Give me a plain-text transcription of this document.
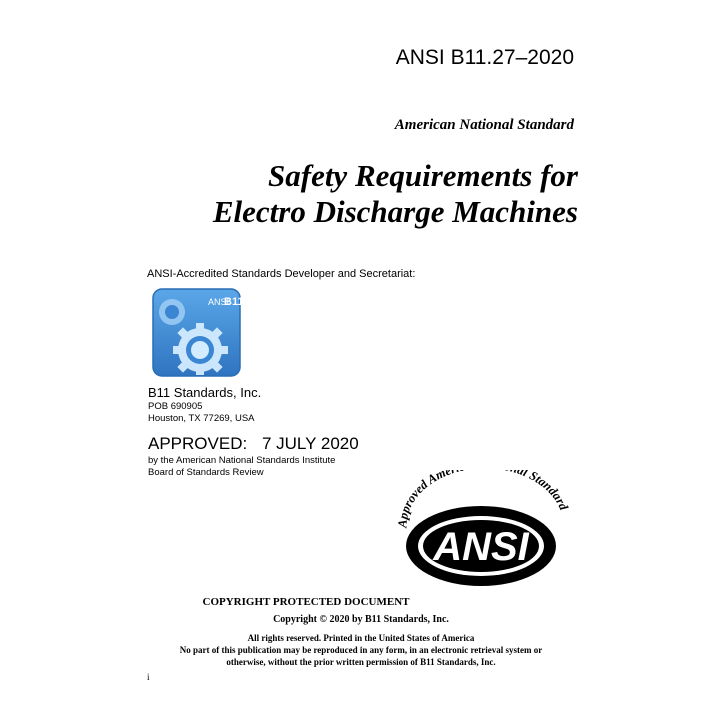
ANSI B11.27–2020
American National Standard
Safety Requirements for
Electro Discharge Machines
ANSI-Accredited Standards Developer and Secretariat:
ANSI
B11
B11 Standards, Inc.
POB 690905
Houston, TX 77269, USA
APPROVED: 7 JULY 2020
by the American National Standards Institute
Board of Standards Review
Approved Ame al Standard
ANSI
COPYRIGHT PROTECTED DOCUMENT
Copyright © 2020 by B11 Standards, Inc.
All rights reserved. Printed in the United States of America
No part of this publication may be reproduced in any form, in an electronic retrieval system or
otherwise, without the prior written permission of B11 Standards, Inc.
i
